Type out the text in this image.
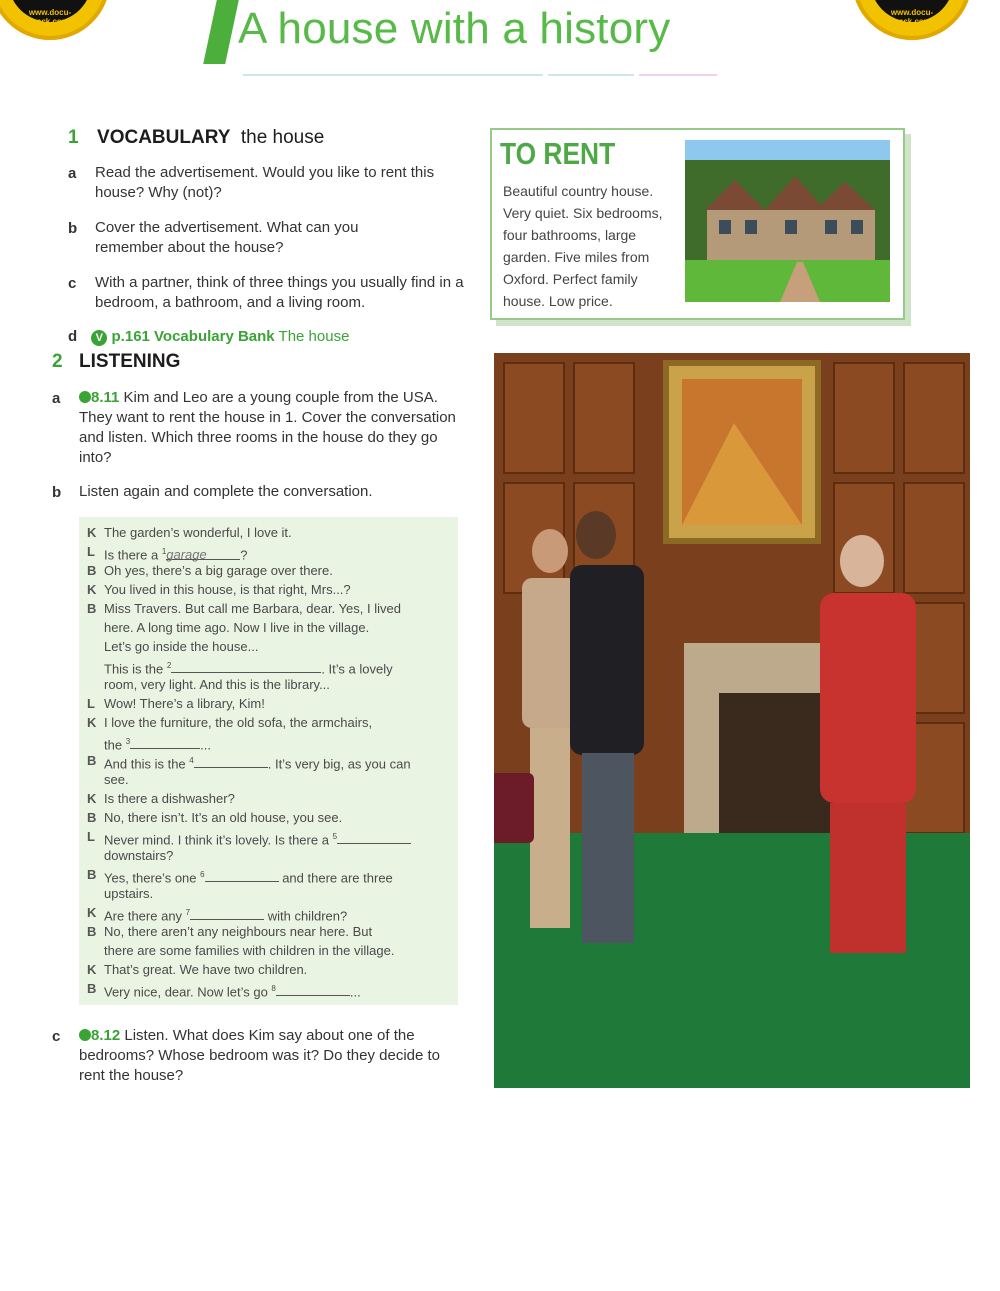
www.docu-track.com
www.docu-track.com
A house with a history
1 VOCABULARY the house
a Read the advertisement. Would you like to rent this house? Why (not)?
b Cover the advertisement. What can you remember about the house?
c With a partner, think of three things you usually find in a bedroom, a bathroom, and a living room.
d V p.161 Vocabulary Bank The house
2 LISTENING
a	8.11 Kim and Leo are a young couple from the USA. They want to rent the house in 1. Cover the conversation and listen. Which three rooms in the house do they go into?
b Listen again and complete the conversation.
K The garden’s wonderful, I love it.
L Is there a $^1$garage	?
B Oh yes, there’s a big garage over there.
K You lived in this house, is that right, Mrs...?
B Miss Travers. But call me Barbara, dear. Yes, I lived
here. A long time ago. Now I live in the village.
Let’s go inside the house...
This is the $^2$	. It’s a lovely
room, very light. And this is the library...
L Wow! There’s a library, Kim!
K I love the furniture, the old sofa, the armchairs,
the $^3$	...
B And this is the $^4$	. It’s very big, as you can
see.
K Is there a dishwasher?
B No, there isn’t. It’s an old house, you see.
L Never mind. I think it’s lovely. Is there a $^5$
downstairs?
B Yes, there’s one $^6$	and there are three
upstairs.
K Are there any $^7$	with children?
B No, there aren’t any neighbours near here. But
there are some families with children in the village.
K That’s great. We have two children.
B Very nice, dear. Now let’s go $^8$	...
c	8.12 Listen. What does Kim say about one of the bedrooms? Whose bedroom was it? Do they decide to rent the house?
TO RENT
Beautiful country house.
Very quiet. Six bedrooms,
four bathrooms, large
garden. Five miles from
Oxford. Perfect family
house. Low price.
